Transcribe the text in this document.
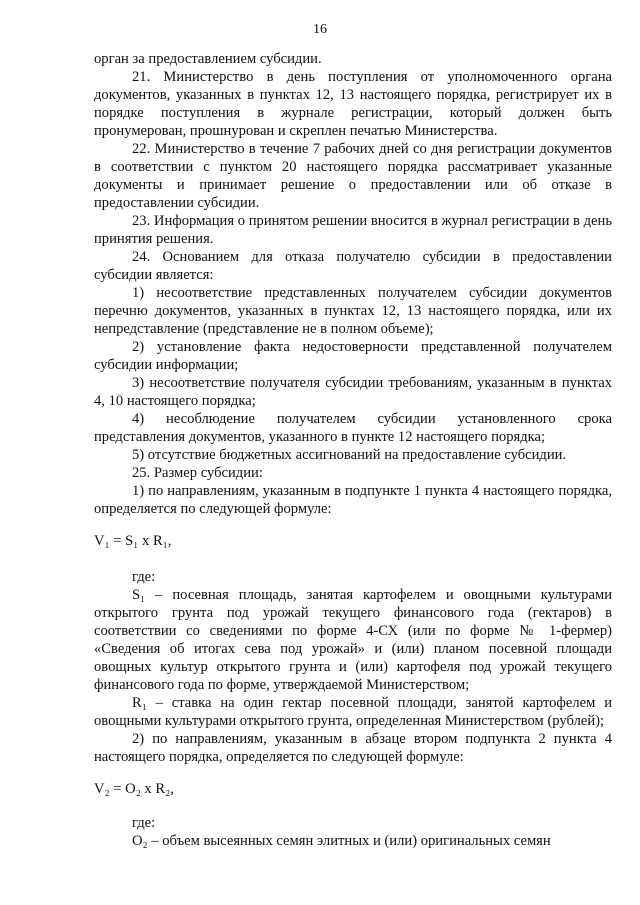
16

орган за предоставлением субсидии.

21. Министерство в день поступления от уполномоченного органа документов, указанных в пунктах 12, 13 настоящего порядка, регистрирует их в порядке поступления в журнале регистрации, который должен быть пронумерован, прошнурован и скреплен печатью Министерства.

22. Министерство в течение 7 рабочих дней со дня регистрации документов в соответствии с пунктом 20 настоящего порядка рассматривает указанные документы и принимает решение о предоставлении или об отказе в предоставлении субсидии.

23. Информация о принятом решении вносится в журнал регистрации в день принятия решения.

24. Основанием для отказа получателю субсидии в предоставлении субсидии является:

1) несоответствие представленных получателем субсидии документов перечню документов, указанных в пунктах 12, 13 настоящего порядка, или их непредставление (представление не в полном объеме);

2) установление факта недостоверности представленной получателем субсидии информации;

3) несоответствие получателя субсидии требованиям, указанным в пунктах 4, 10 настоящего порядка;

4) несоблюдение получателем субсидии установленного срока представления документов, указанного в пункте 12 настоящего порядка;

5) отсутствие бюджетных ассигнований на предоставление субсидии.

25. Размер субсидии:

1) по направлениям, указанным в подпункте 1 пункта 4 настоящего порядка, определяется по следующей формуле:

V₁ = S₁ x R₁,

где:

S₁ – посевная площадь, занятая картофелем и овощными культурами открытого грунта под урожай текущего финансового года (гектаров) в соответствии со сведениями по форме 4-СХ (или по форме № 1-фермер) «Сведения об итогах сева под урожай» и (или) планом посевной площади овощных культур открытого грунта и (или) картофеля под урожай текущего финансового года по форме, утверждаемой Министерством;

R₁ – ставка на один гектар посевной площади, занятой картофелем и овощными культурами открытого грунта, определенная Министерством (рублей);

2) по направлениям, указанным в абзаце втором подпункта 2 пункта 4 настоящего порядка, определяется по следующей формуле:

V₂ = O₂ x R₂,

где:

O₂ – объем высеянных семян элитных и (или) оригинальных семян
